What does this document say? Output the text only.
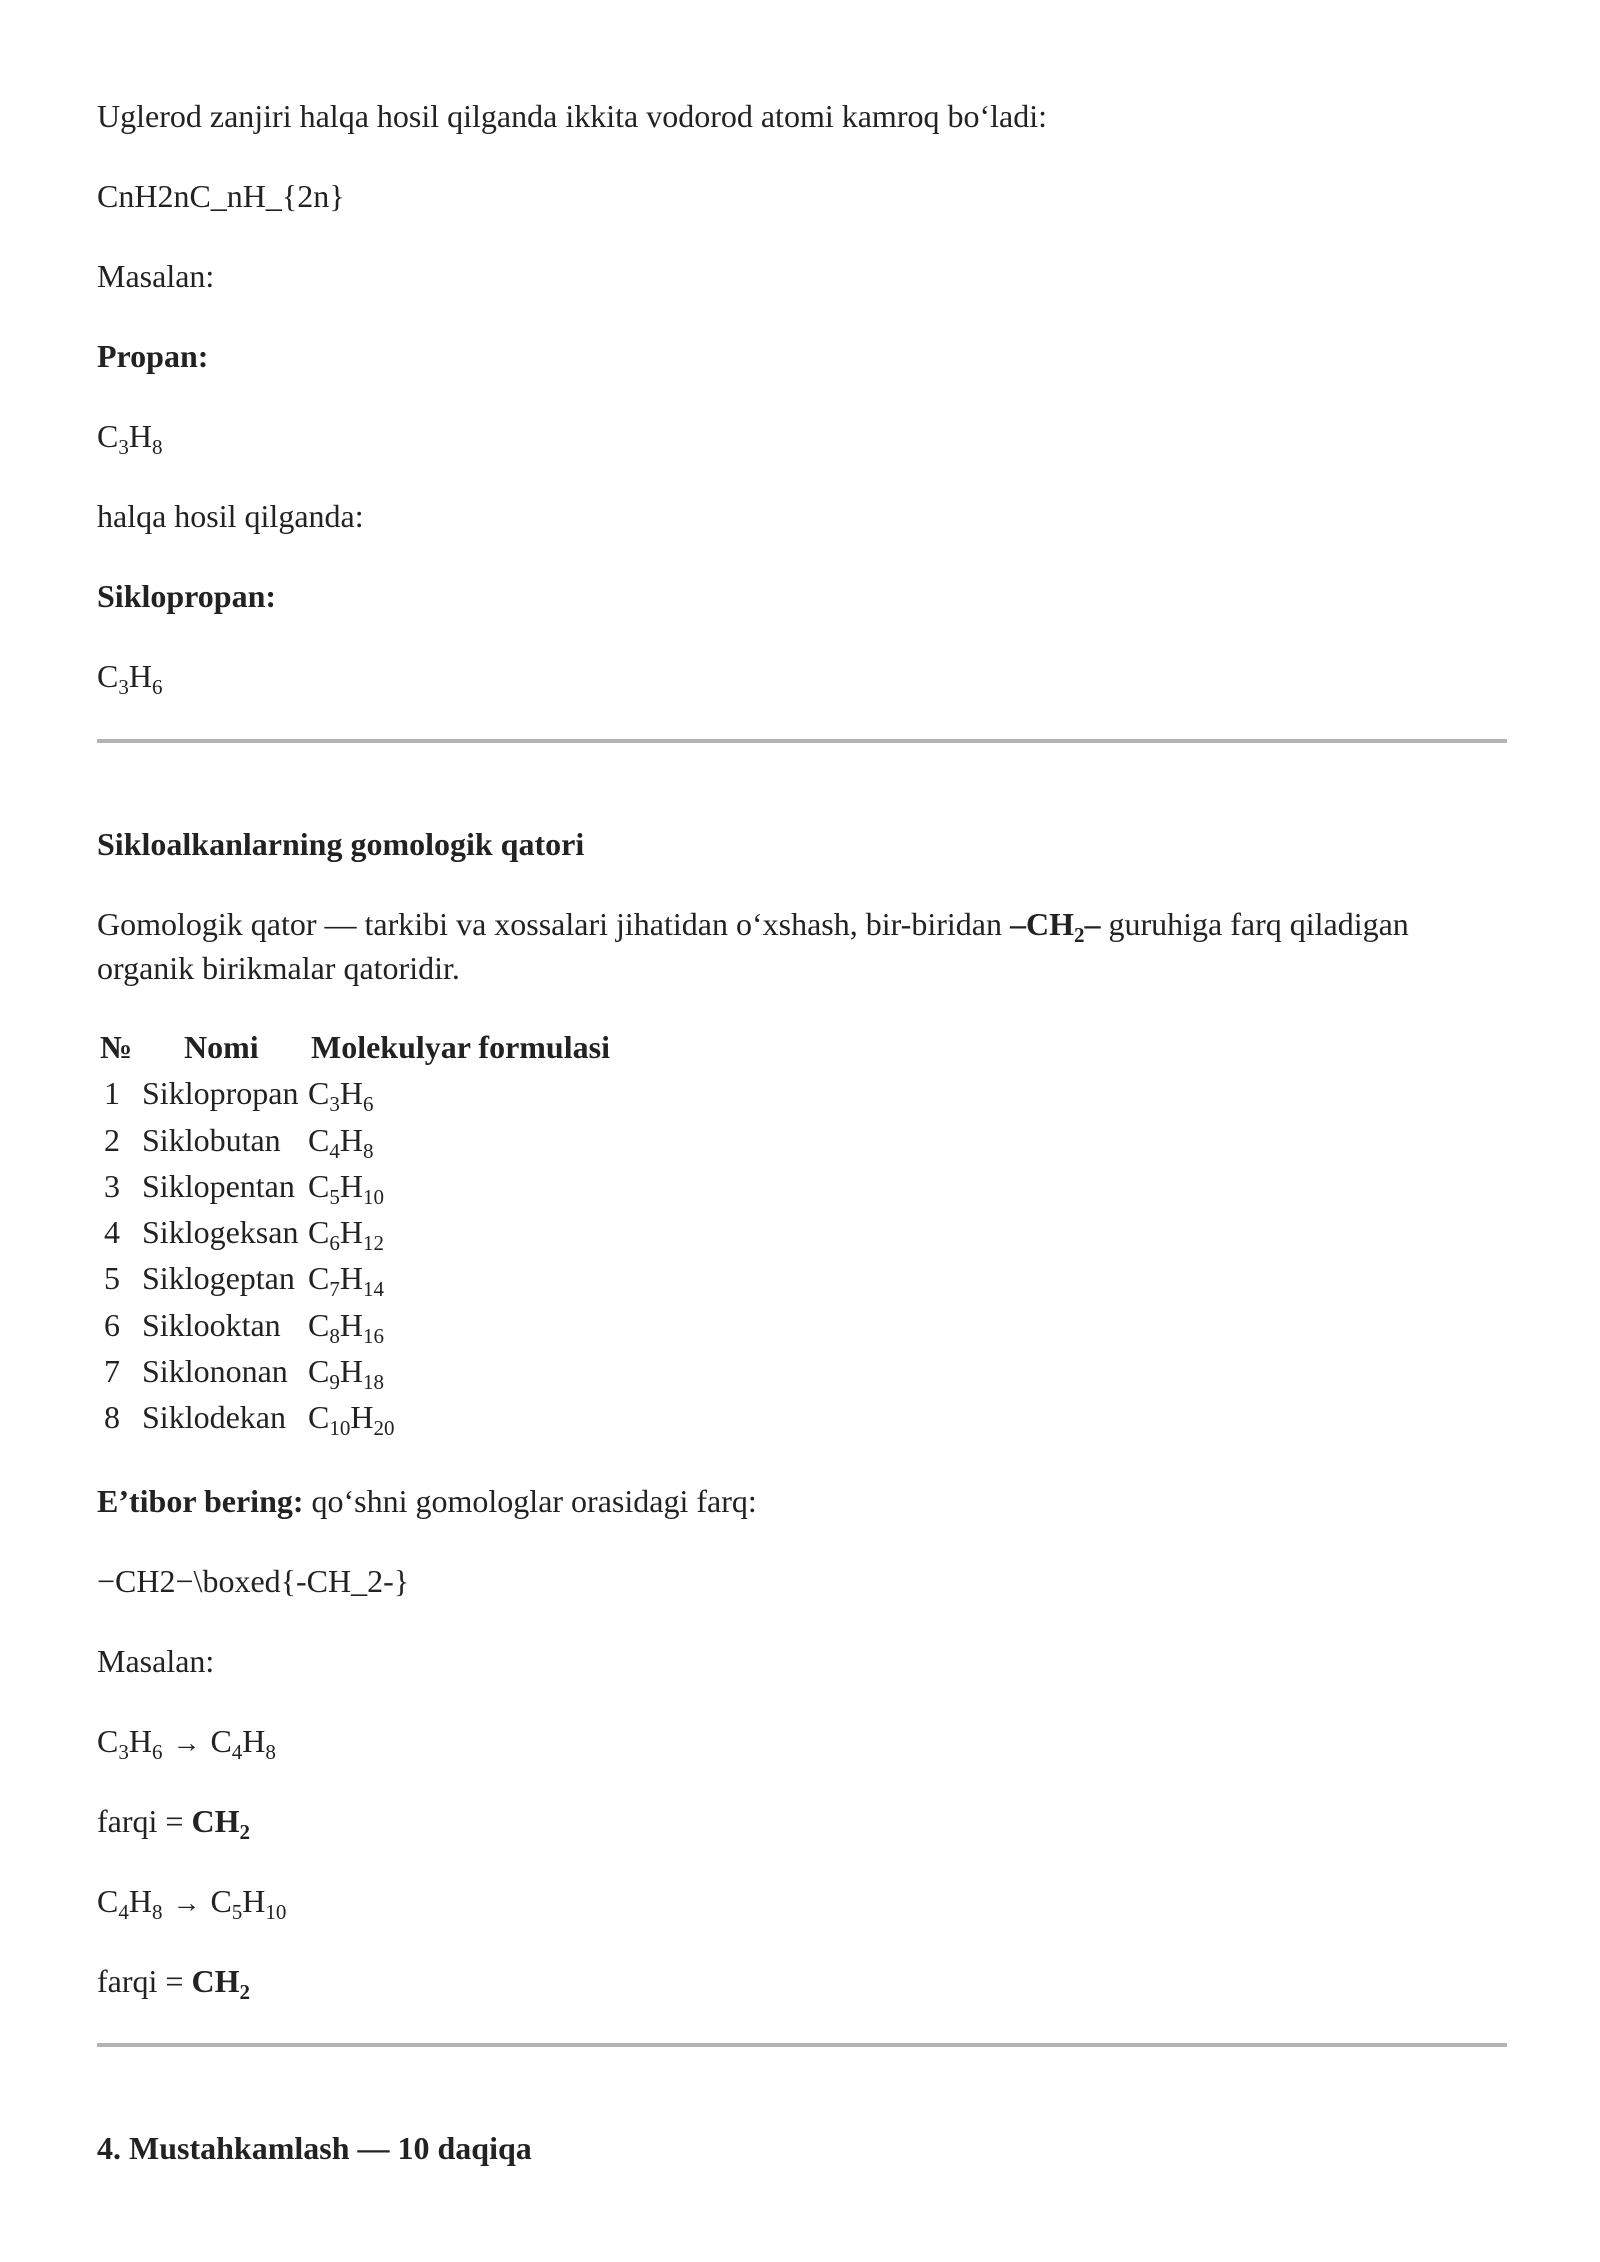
Uglerod zanjiri halqa hosil qilganda ikkita vodorod atomi kamroq bo‘ladi:
CnH2nC_nH_{2n}
Masalan:
Propan:
$C_3H_8$
halqa hosil qilganda:
Siklopropan:
$C_3H_6$
Sikloalkanlarning gomologik qatori
Gomologik qator — tarkibi va xossalari jihatidan o‘xshash, bir-biridan $-CH_2-$ guruhiga farq qiladigan organik birikmalar qatoridir.
№ Nomi Molekulyar formulasi
1 Siklopropan $C_3H_6$
2 Siklobutan $C_4H_8$
3 Siklopentan $C_5H_{10}$
4 Siklogeksan $C_6H_{12}$
5 Siklogeptan $C_7H_{14}$
6 Siklooktan $C_8H_{16}$
7 Siklononan $C_9H_{18}$
8 Siklodekan $C_{10}H_{20}$
E’tibor bering: qo‘shni gomologlar orasidagi farq:
−CH2−\boxed{-CH_2-}
Masalan:
$C_3H_6 \to C_4H_8$
farqi = $CH_2$
$C_4H_8 \to C_5H_{10}$
farqi = $CH_2$
4. Mustahkamlash — 10 daqiqa
